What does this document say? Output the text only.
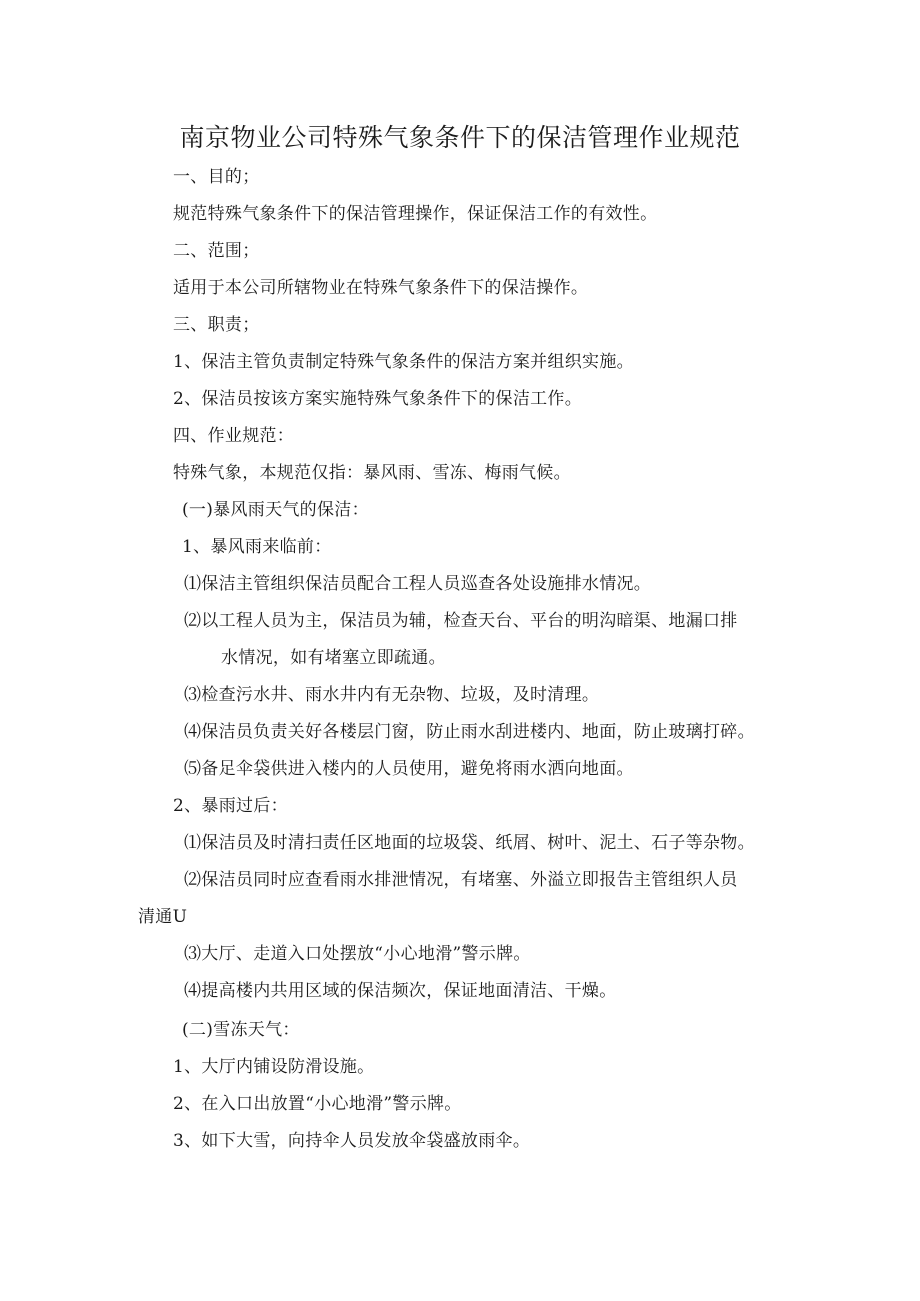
南京物业公司特殊气象条件下的保洁管理作业规范
一、目的；
规范特殊气象条件下的保洁管理操作，保证保洁工作的有效性。
二、范围；
适用于本公司所辖物业在特殊气象条件下的保洁操作。
三、职责；
1、保洁主管负责制定特殊气象条件的保洁方案并组织实施。
2、保洁员按该方案实施特殊气象条件下的保洁工作。
四、作业规范：
特殊气象，本规范仅指：暴风雨、雪冻、梅雨气候。
(一)暴风雨天气的保洁：
1、暴风雨来临前：
⑴保洁主管组织保洁员配合工程人员巡查各处设施排水情况。
⑵以工程人员为主，保洁员为辅，检查天台、平台的明沟暗渠、地漏口排
水情况，如有堵塞立即疏通。
⑶检查污水井、雨水井内有无杂物、垃圾，及时清理。
⑷保洁员负责关好各楼层门窗，防止雨水刮进楼内、地面，防止玻璃打碎。
⑸备足伞袋供进入楼内的人员使用，避免将雨水洒向地面。
2、暴雨过后：
⑴保洁员及时清扫责任区地面的垃圾袋、纸屑、树叶、泥土、石子等杂物。
⑵保洁员同时应查看雨水排泄情况，有堵塞、外溢立即报告主管组织人员
清通U
⑶大厅、走道入口处摆放“小心地滑”警示牌。
⑷提高楼内共用区域的保洁频次，保证地面清洁、干燥。
(二)雪冻天气：
1、大厅内铺设防滑设施。
2、在入口出放置“小心地滑”警示牌。
3、如下大雪，向持伞人员发放伞袋盛放雨伞。
